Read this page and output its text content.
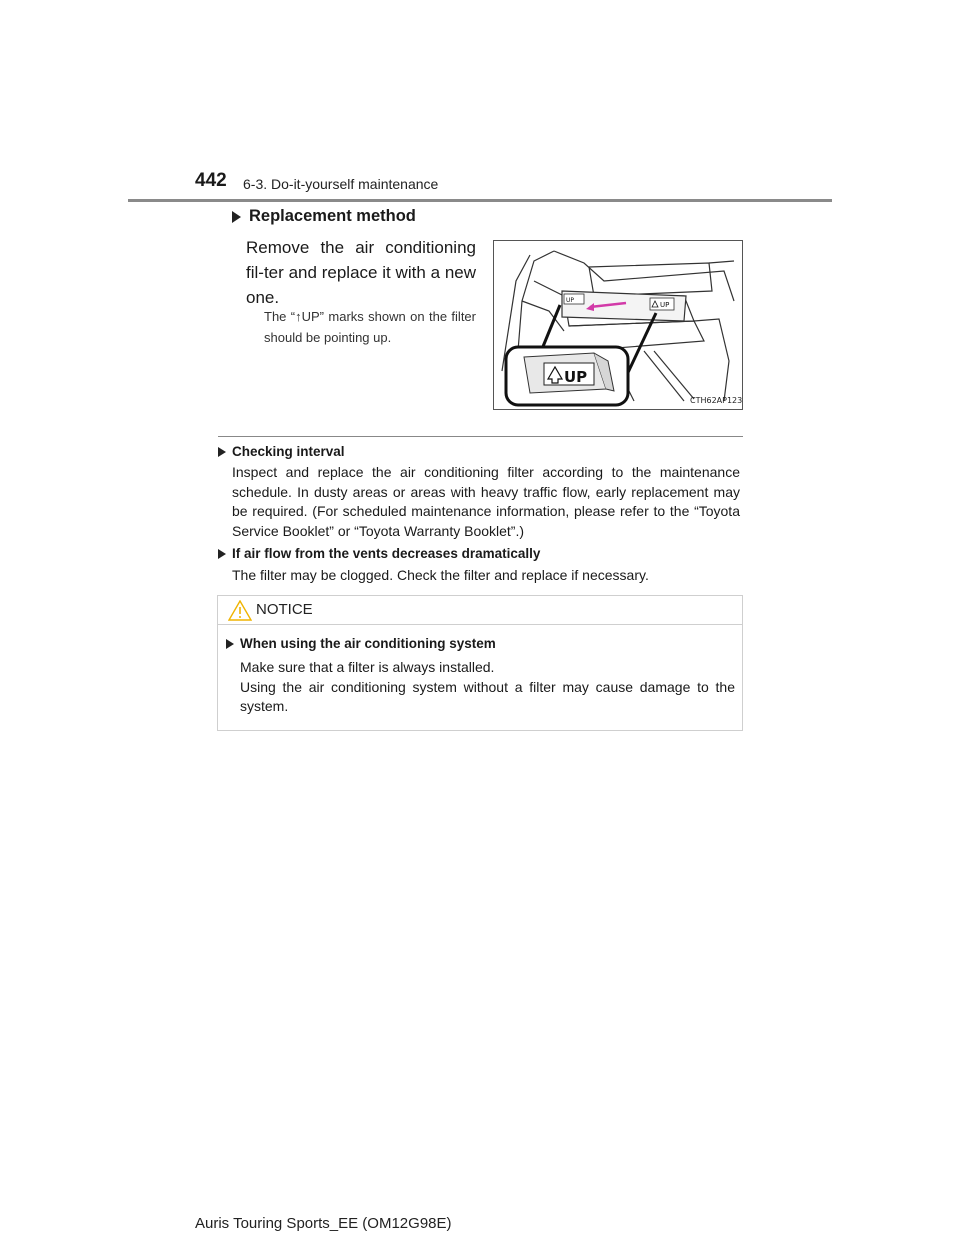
442 6-3. Do-it-yourself maintenance
Replacement method
Remove the air conditioning fil-ter and replace it with a new one.
The “↑UP” marks shown on the filter should be pointing up.
UP
UP
UP
CTH62AP123
Checking interval
Inspect and replace the air conditioning filter according to the maintenance schedule. In dusty areas or areas with heavy traffic flow, early replacement may be required. (For scheduled maintenance information, please refer to the “Toyota Service Booklet” or “Toyota Warranty Booklet”.)
If air flow from the vents decreases dramatically
The filter may be clogged. Check the filter and replace if necessary.
NOTICE
When using the air conditioning system
Make sure that a filter is always installed.
Using the air conditioning system without a filter may cause damage to the system.
Auris Touring Sports_EE (OM12G98E)
